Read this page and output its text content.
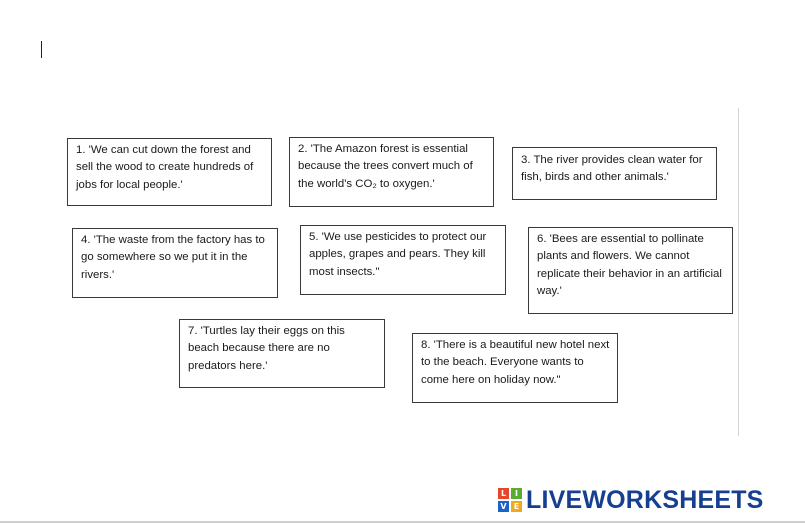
1. 'We can cut down the forest and sell the wood to create hundreds of jobs for local people.'
2. 'The Amazon forest is essential because the trees convert much of the world's CO₂ to oxygen.'
3. The river provides clean water for fish, birds and other animals.'
4. 'The waste from the factory has to go somewhere so we put it in the rivers.'
5. 'We use pesticides to protect our apples, grapes and pears. They kill most insects."
6. 'Bees are essential to pollinate plants and flowers. We cannot replicate their behavior in an artificial way.'
7. 'Turtles lay their eggs on this beach because there are no predators here.'
8. 'There is a beautiful new hotel next to the beach. Everyone wants to come here on holiday now."
L	I
V E LIVEWORKSHEETS
